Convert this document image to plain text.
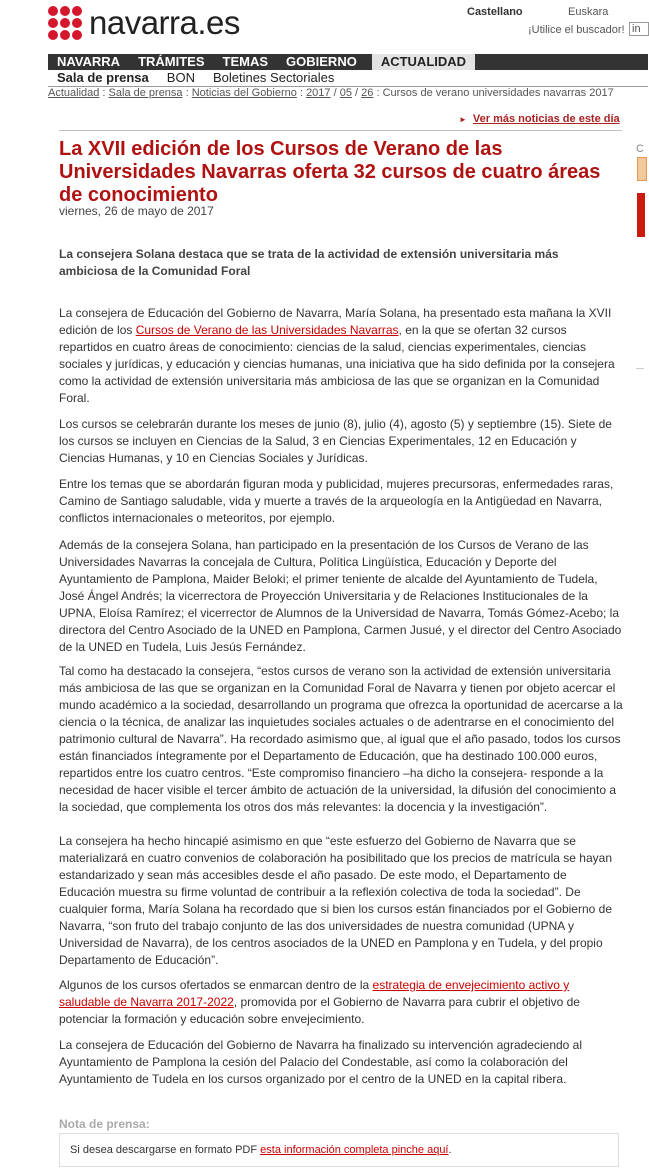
navarra.es	Castellano	Euskara
¡Utilice el buscador! in
NAVARRA	TRÁMITES	TEMAS	GOBIERNO	ACTUALIDAD
Sala de prensa	BON	Boletines Sectoriales
Actualidad : Sala de prensa : Noticias del Gobierno : 2017 / 05 / 26 : Cursos de verano universidades navarras 2017
► Ver más noticias de este día
C
La XVII edición de los Cursos de Verano de las Universidades Navarras oferta 32 cursos de cuatro áreas de conocimiento
viernes, 26 de mayo de 2017

La consejera Solana destaca que se trata de la actividad de extensión universitaria más ambiciosa de la Comunidad Foral

La consejera de Educación del Gobierno de Navarra, María Solana, ha presentado esta mañana la XVII edición de los Cursos de Verano de las Universidades Navarras, en la que se ofertan 32 cursos repartidos en cuatro áreas de conocimiento: ciencias de la salud, ciencias experimentales, ciencias sociales y jurídicas, y educación y ciencias humanas, una iniciativa que ha sido definida por la consejera como la actividad de extensión universitaria más ambiciosa de las que se organizan en la Comunidad Foral.

Los cursos se celebrarán durante los meses de junio (8), julio (4), agosto (5) y septiembre (15). Siete de los cursos se incluyen en Ciencias de la Salud, 3 en Ciencias Experimentales, 12 en Educación y Ciencias Humanas, y 10 en Ciencias Sociales y Jurídicas.

Entre los temas que se abordarán figuran moda y publicidad, mujeres precursoras, enfermedades raras, Camino de Santiago saludable, vida y muerte a través de la arqueología en la Antigüedad en Navarra, conflictos internacionales o meteoritos, por ejemplo.

Además de la consejera Solana, han participado en la presentación de los Cursos de Verano de las Universidades Navarras la concejala de Cultura, Política Lingüística, Educación y Deporte del Ayuntamiento de Pamplona, Maider Beloki; el primer teniente de alcalde del Ayuntamiento de Tudela, José Ángel Andrés; la vicerrectora de Proyección Universitaria y de Relaciones Institucionales de la UPNA, Eloísa Ramírez; el vicerrector de Alumnos de la Universidad de Navarra, Tomás Gómez-Acebo; la directora del Centro Asociado de la UNED en Pamplona, Carmen Jusué, y el director del Centro Asociado de la UNED en Tudela, Luis Jesús Fernández.

Tal como ha destacado la consejera, “estos cursos de verano son la actividad de extensión universitaria más ambiciosa de las que se organizan en la Comunidad Foral de Navarra y tienen por objeto acercar el mundo académico a la sociedad, desarrollando un programa que ofrezca la oportunidad de acercarse a la ciencia o la técnica, de analizar las inquietudes sociales actuales o de adentrarse en el conocimiento del patrimonio cultural de Navarra”. Ha recordado asimismo que, al igual que el año pasado, todos los cursos están financiados íntegramente por el Departamento de Educación, que ha destinado 100.000 euros, repartidos entre los cuatro centros. “Este compromiso financiero –ha dicho la consejera- responde a la necesidad de hacer visible el tercer ámbito de actuación de la universidad, la difusión del conocimiento a la sociedad, que complementa los otros dos más relevantes: la docencia y la investigación”.

La consejera ha hecho hincapié asimismo en que “este esfuerzo del Gobierno de Navarra que se materializará en cuatro convenios de colaboración ha posibilitado que los precios de matrícula se hayan estandarizado y sean más accesibles desde el año pasado. De este modo, el Departamento de Educación muestra su firme voluntad de contribuir a la reflexión colectiva de toda la sociedad”. De cualquier forma, María Solana ha recordado que si bien los cursos están financiados por el Gobierno de Navarra, “son fruto del trabajo conjunto de las dos universidades de nuestra comunidad (UPNA y Universidad de Navarra), de los centros asociados de la UNED en Pamplona y en Tudela, y del propio Departamento de Educación”.

Algunos de los cursos ofertados se enmarcan dentro de la estrategia de envejecimiento activo y saludable de Navarra 2017-2022, promovida por el Gobierno de Navarra para cubrir el objetivo de potenciar la formación y educación sobre envejecimiento.

La consejera de Educación del Gobierno de Navarra ha finalizado su intervención agradeciendo al Ayuntamiento de Pamplona la cesión del Palacio del Condestable, así como la colaboración del Ayuntamiento de Tudela en los cursos organizado por el centro de la UNED en la capital ribera.

Nota de prensa:
Si desea descargarse en formato PDF esta información completa pinche aquí.
